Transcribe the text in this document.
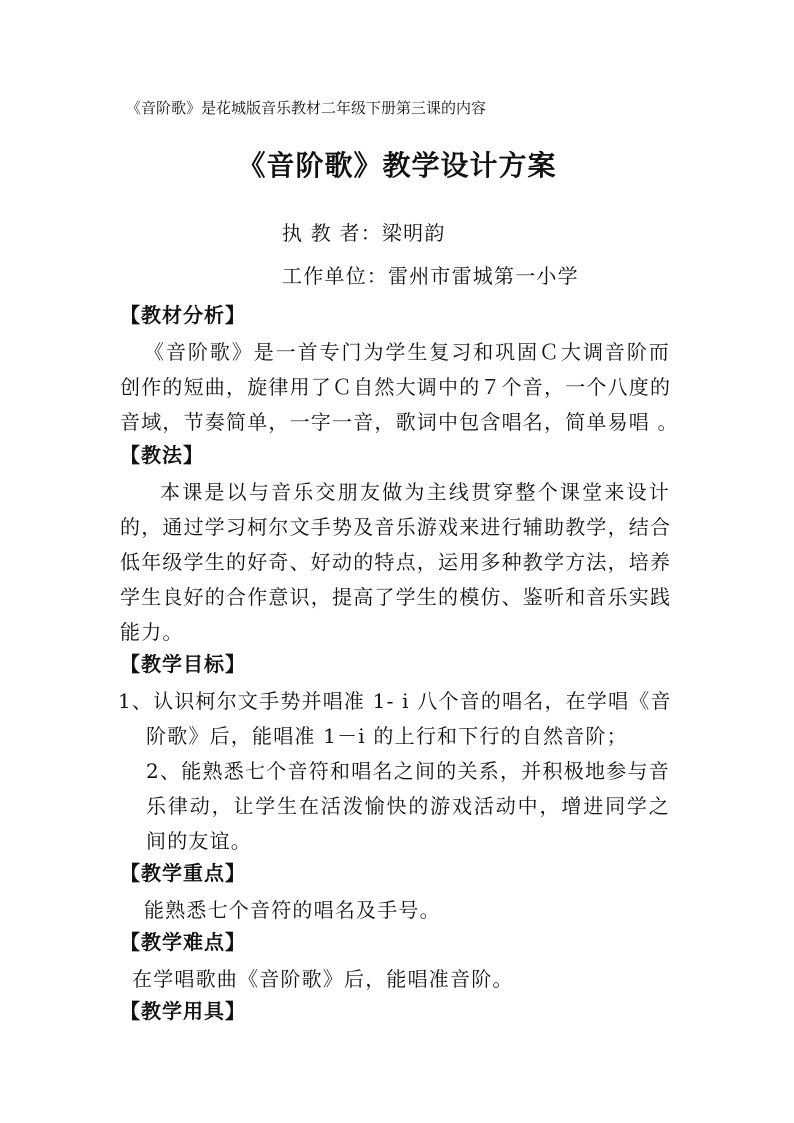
《音阶歌》是花城版音乐教材二年级下册第三课的内容
《音阶歌》教学设计方案
执 教 者：梁明韵
工作单位：雷州市雷城第一小学
【教材分析】
《音阶歌》是一首专门为学生复习和巩固Ｃ大调音阶而
创作的短曲，旋律用了Ｃ自然大调中的７个音，一个八度的
音域，节奏简单，一字一音，歌词中包含唱名，简单易唱 。
【教法】
本课是以与音乐交朋友做为主线贯穿整个课堂来设计
的，通过学习柯尔文手势及音乐游戏来进行辅助教学，结合
低年级学生的好奇、好动的特点，运用多种教学方法，培养
学生良好的合作意识，提高了学生的模仿、鉴听和音乐实践
能力。
【教学目标】
1、认识柯尔文手势并唱准 1- i 八个音的唱名，在学唱《音
阶歌》后，能唱准 1－i 的上行和下行的自然音阶；
2、能熟悉七个音符和唱名之间的关系，并积极地参与音
乐律动，让学生在活泼愉快的游戏活动中，增进同学之
间的友谊。
【教学重点】
能熟悉七个音符的唱名及手号。
【教学难点】
在学唱歌曲《音阶歌》后，能唱准音阶。
【教学用具】
